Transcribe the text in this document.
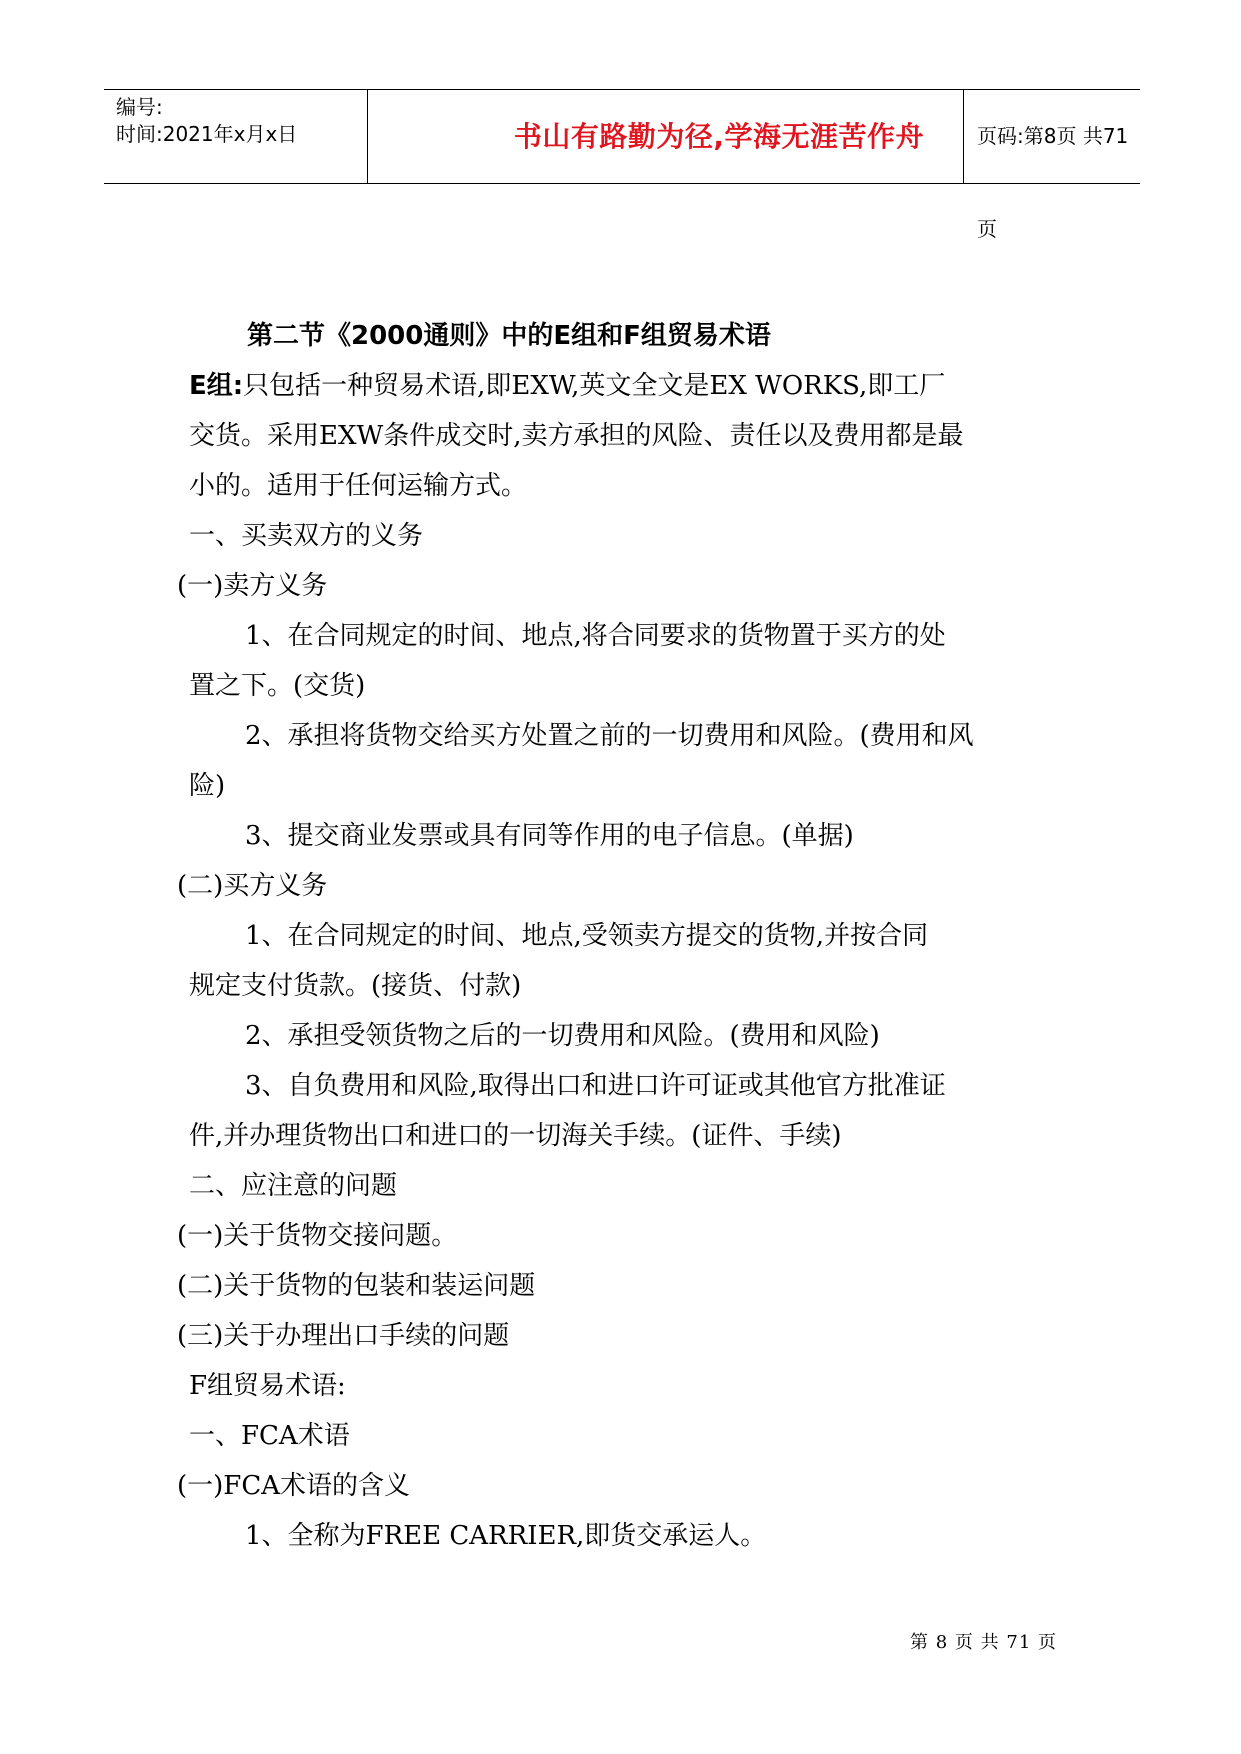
编号:
时间:2021年x月x日	书山有路勤为径,学海无涯苦作舟	页码:第8页 共71页
第二节《2000通则》中的E组和F组贸易术语
E组:只包括一种贸易术语,即EXW,英文全文是EX WORKS,即工厂
交货。采用EXW条件成交时,卖方承担的风险、责任以及费用都是最
小的。适用于任何运输方式。
一、买卖双方的义务
(一)卖方义务
1、在合同规定的时间、地点,将合同要求的货物置于买方的处
置之下。(交货)
2、承担将货物交给买方处置之前的一切费用和风险。(费用和风
险)
3、提交商业发票或具有同等作用的电子信息。(单据)
(二)买方义务
1、在合同规定的时间、地点,受领卖方提交的货物,并按合同
规定支付货款。(接货、付款)
2、承担受领货物之后的一切费用和风险。(费用和风险)
3、自负费用和风险,取得出口和进口许可证或其他官方批准证
件,并办理货物出口和进口的一切海关手续。(证件、手续)
二、应注意的问题
(一)关于货物交接问题。
(二)关于货物的包装和装运问题
(三)关于办理出口手续的问题
F组贸易术语:
一、FCA术语
(一)FCA术语的含义
1、全称为FREE CARRIER,即货交承运人。
第 8 页 共 71 页
